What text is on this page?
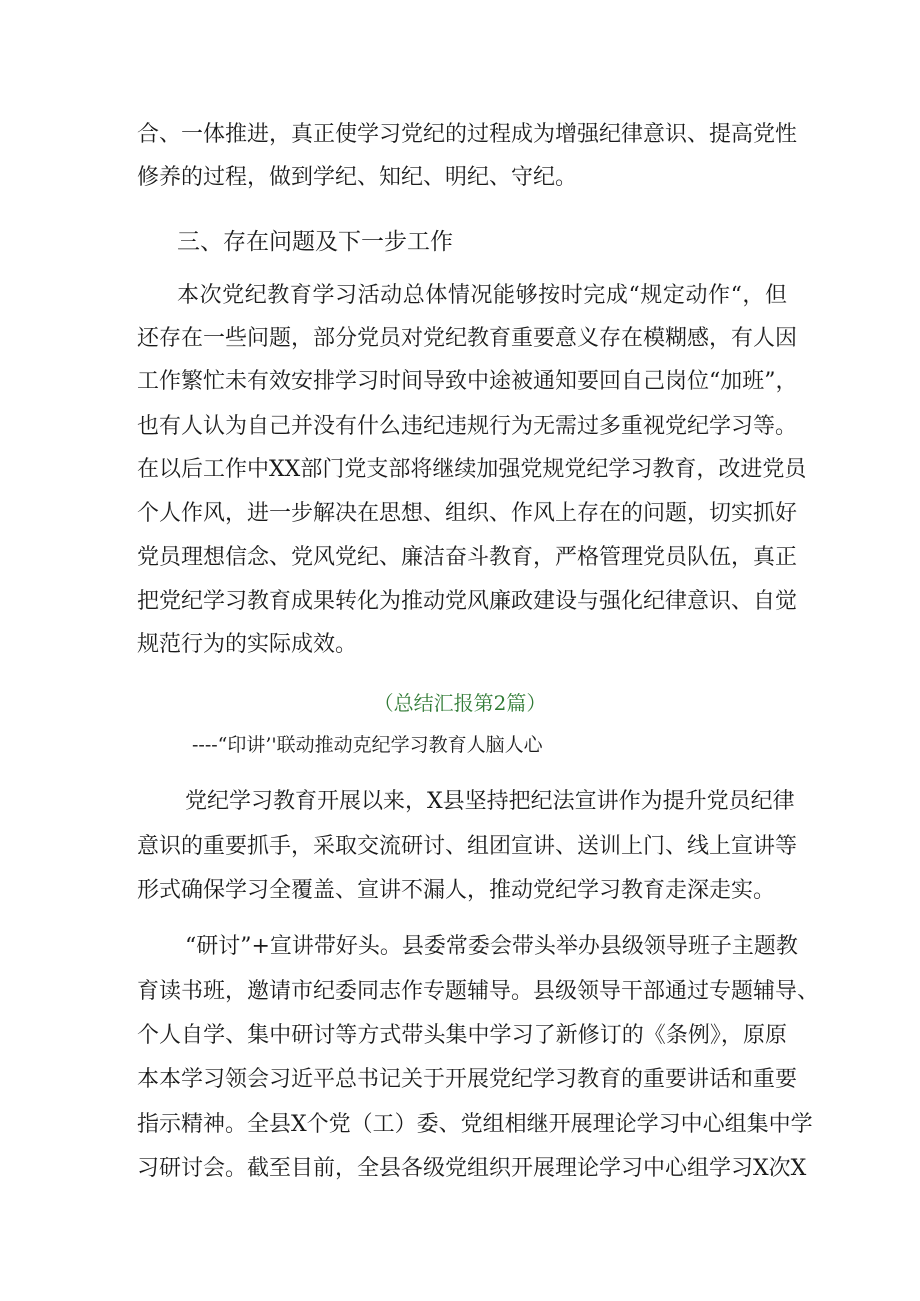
合、一体推进，真正使学习党纪的过程成为增强纪律意识、提高党性
修养的过程，做到学纪、知纪、明纪、守纪。
三、存在问题及下一步工作
本次党纪教育学习活动总体情况能够按时完成“规定动作“，但
还存在一些问题，部分党员对党纪教育重要意义存在模糊感，有人因
工作繁忙未有效安排学习时间导致中途被通知要回自己岗位“加班”，
也有人认为自己并没有什么违纪违规行为无需过多重视党纪学习等。
在以后工作中XX部门党支部将继续加强党规党纪学习教育，改进党员
个人作风，进一步解决在思想、组织、作风上存在的问题，切实抓好
党员理想信念、党风党纪、廉洁奋斗教育，严格管理党员队伍，真正
把党纪学习教育成果转化为推动党风廉政建设与强化纪律意识、自觉
规范行为的实际成效。
（总结汇报第2篇）
----“印讲’'联动推动克纪学习教育人脑人心
党纪学习教育开展以来，X县坚持把纪法宣讲作为提升党员纪律
意识的重要抓手，采取交流研讨、组团宣讲、送训上门、线上宣讲等
形式确保学习全覆盖、宣讲不漏人，推动党纪学习教育走深走实。
“研讨”+宣讲带好头。县委常委会带头举办县级领导班子主题教
育读书班，邀请市纪委同志作专题辅导。县级领导干部通过专题辅导、
个人自学、集中研讨等方式带头集中学习了新修订的《条例》，原原
本本学习领会习近平总书记关于开展党纪学习教育的重要讲话和重要
指示精神。全县X个党（工）委、党组相继开展理论学习中心组集中学
习研讨会。截至目前，全县各级党组织开展理论学习中心组学习X次X
